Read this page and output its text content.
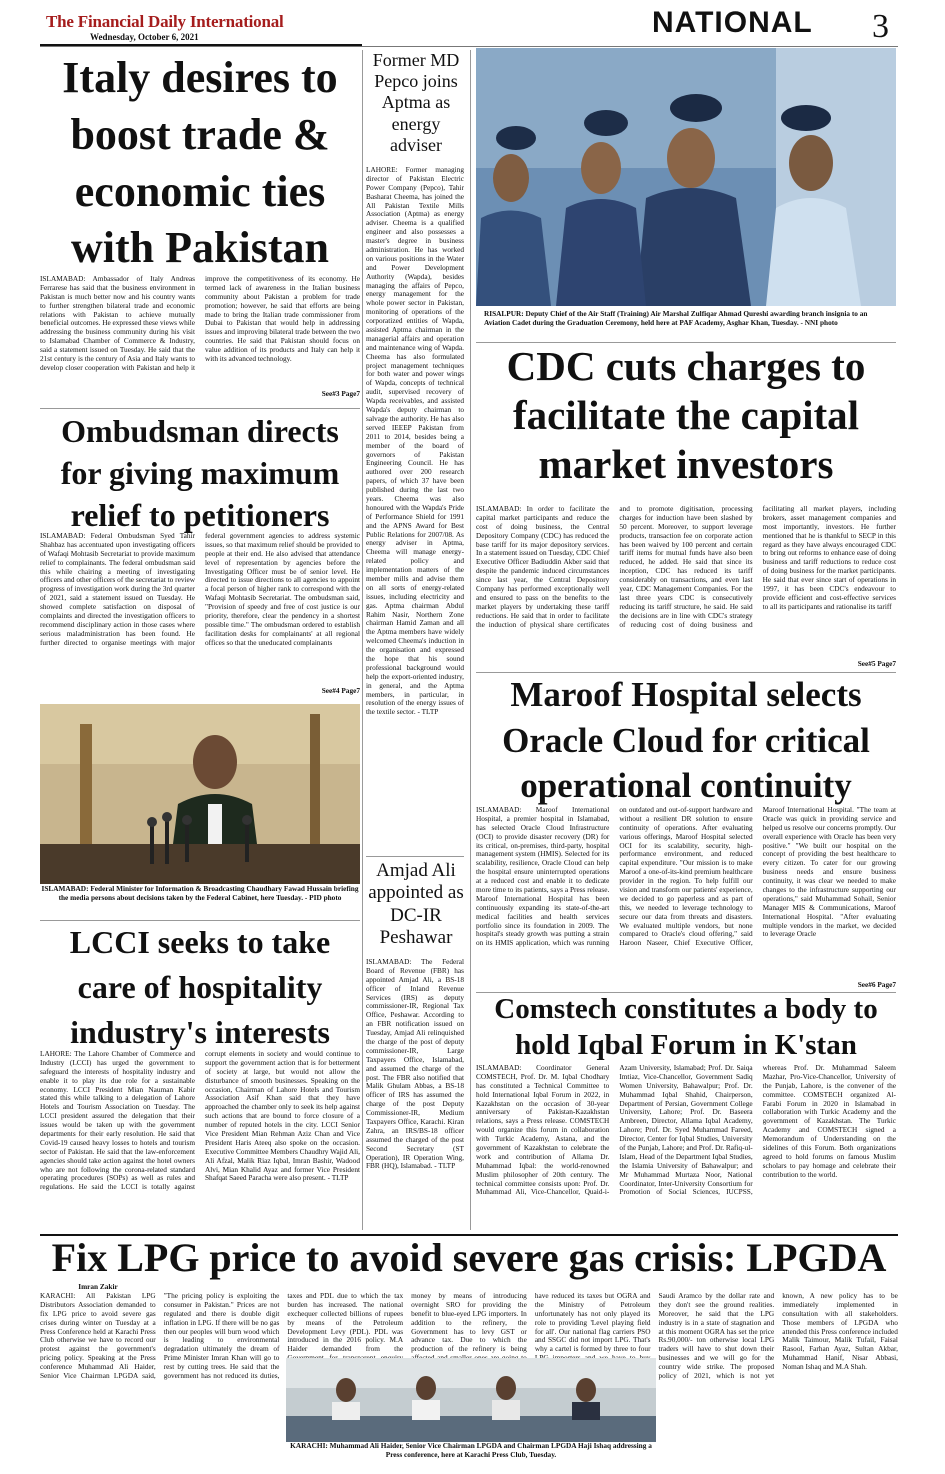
The Financial Daily International
Wednesday, October 6, 2021	NATIONAL 3
Italy desires to boost trade & economic ties with Pakistan
ISLAMABAD: Ambassador of Italy Andreas Ferrarese has said that the business environment in Pakistan is much better now and his country wants to further strengthen bilateral trade and economic relations with Pakistan to achieve mutually beneficial outcomes. He expressed these views while addressing the business community during his visit to Islamabad Chamber of Commerce & Industry, said a statement issued on Tuesday. He said that the 21st century is the century of Asia and Italy wants to develop closer cooperation with Pakistan and help it improve the competitiveness of its economy. He termed lack of awareness in the Italian business community about Pakistan a problem for trade promotion; however, he said that efforts are being made to bring the Italian trade commissioner from Dubai to Pakistan that would help in addressing issues and improving bilateral trade between the two countries. He said that Pakistan should focus on value addition of its products and Italy can help it with its advanced technology.
See#3 Page7
Ombudsman directs for giving maximum relief to petitioners
ISLAMABAD: Federal Ombudsman Syed Tahir Shahbaz has accentuated upon investigating officers of Wafaqi Mohtasib Secretariat to provide maximum relief to complainants. The federal ombudsman said this while chairing a meeting of investigating officers and other officers of the secretariat to review progress of investigation work during the 3rd quarter of 2021, said a statement issued on Tuesday. He showed complete satisfaction on disposal of complaints and directed the investigation officers to recommend disciplinary action in those cases where serious maladministration has been found. He further directed to organise meetings with major federal government agencies to address systemic issues, so that maximum relief should be provided to people at their end. He also advised that attendance level of representation by agencies before the Investigating Officer must be of senior level. He directed to issue directions to all agencies to appoint a focal person of higher rank to correspond with the Wafaqi Mohtasib Secretariat. The ombudsman said, "Provision of speedy and free of cost justice is our priority, therefore, clear the pendency in a shortest possible time." The ombudsman ordered to establish facilitation desks for complainants' at all regional offices so that the uneducated complainants
See#4 Page7
ISLAMABAD: Federal Minister for Information & Broadcasting Chaudhary Fawad Hussain briefing the media persons about decisions taken by the Federal Cabinet, here Tuesday. - PID photo
LCCI seeks to take care of hospitality industry's interests
LAHORE: The Lahore Chamber of Commerce and Industry (LCCI) has urged the government to safeguard the interests of hospitality industry and enable it to play its due role for a sustainable economy. LCCI President Mian Nauman Kabir stated this while talking to a delegation of Lahore Hotels and Tourism Association on Tuesday. The LCCI president assured the delegation that their issues would be taken up with the government departments for their early resolution. He said that Covid-19 caused heavy losses to hotels and tourism sector of Pakistan. He said that the law-enforcement agencies should take action against the hotel owners who are not following the corona-related standard operating procedures (SOPs) as well as rules and regulations. He said the LCCI is totally against corrupt elements in society and would continue to support the government action that is for betterment of society at large, but would not allow the disturbance of smooth businesses. Speaking on the occasion, Chairman of Lahore Hotels and Tourism Association Asif Khan said that they have approached the chamber only to seek its help against such actions that are bound to force closure of a number of reputed hotels in the city. LCCI Senior Vice President Mian Rehman Aziz Chan and Vice President Haris Ateeq also spoke on the occasion. Executive Committee Members Chaudhry Wajid Ali, Ali Afzal, Malik Riaz Iqbal, Imran Bashir, Wadood Alvi, Mian Khalid Ayaz and former Vice President Shafqat Saeed Paracha were also present. - TLTP
Former MD Pepco joins Aptma as energy adviser
LAHORE: Former managing director of Pakistan Electric Power Company (Pepco), Tahir Basharat Cheema, has joined the All Pakistan Textile Mills Association (Aptma) as energy adviser. Cheema is a qualified engineer and also possesses a master's degree in business administration. He has worked on various positions in the Water and Power Development Authority (Wapda), besides managing the affairs of Pepco, energy management for the whole power sector in Pakistan, monitoring of operations of the corporatized entities of Wapda, assisted Aptma chairman in the managerial affairs and operation and maintenance wing of Wapda. Cheema has also formulated project management techniques for both water and power wings of Wapda, concepts of technical audit, supervised recovery of Wapda receivables, and assisted Wapda's deputy chairman to salvage the authority. He has also served IEEEP Pakistan from 2011 to 2014, besides being a member of the board of governors of Pakistan Engineering Council. He has authored over 200 research papers, of which 37 have been published during the last two years. Cheema was also honoured with the Wapda's Pride of Performance Shield for 1991 and the APNS Award for Best Public Relations for 2007/08. As energy adviser in Aptma, Cheema will manage energy-related policy and implementation matters of the member mills and advise them on all sorts of energy-related issues, including electricity and gas. Aptma chairman Abdul Rahim Nasir, Northern Zone chairman Hamid Zaman and all the Aptma members have widely welcomed Cheema's induction in the organisation and expressed the hope that his sound professional background would help the export-oriented industry, in general, and the Aptma members, in particular, in resolution of the energy issues of the textile sector. - TLTP
Amjad Ali appointed as DC-IR Peshawar
ISLAMABAD: The Federal Board of Revenue (FBR) has appointed Amjad Ali, a BS-18 officer of Inland Revenue Services (IRS) as deputy commissioner-IR, Regional Tax Office, Peshawar. According to an FBR notification issued on Tuesday, Amjad Ali relinquished the charge of the post of deputy commissioner-IR, Large Taxpayers Office, Islamabad, and assumed the charge of the post. The FBR also notified that Malik Ghulam Abbas, a BS-18 officer of IRS has assumed the charge of the post Deputy Commissioner-IR, Medium Taxpayers Office, Karachi. Kiran Zahra, an IRS/BS-18 officer assumed the charged of the post Second Secretary (ST Operation), IR Operation Wing, FBR (HQ), Islamabad. - TLTP
RISALPUR: Deputy Chief of the Air Staff (Training) Air Marshal Zulfiqar Ahmad Qureshi awarding branch insignia to an Aviation Cadet during the Graduation Ceremony, held here at PAF Academy, Asghar Khan, Tuesday. - NNI photo
CDC cuts charges to facilitate the capital market investors
ISLAMABAD: In order to facilitate the capital market participants and reduce the cost of doing business, the Central Depository Company (CDC) has reduced the base tariff for its major depository services. In a statement issued on Tuesday, CDC Chief Executive Officer Badiuddin Akber said that despite the pandemic induced circumstances since last year, the Central Depository Company has performed exceptionally well and ensured to pass on the benefits to the market players by undertaking these tariff reductions. He said that in order to facilitate the induction of physical share certificates and to promote digitisation, processing charges for induction have been slashed by 50 percent. Moreover, to support leverage products, transaction fee on corporate action has been waived by 100 percent and certain tariff items for mutual funds have also been reduced, he added. He said that since its inception, CDC has reduced its tariff considerably on transactions, and even last year, CDC Management Companies. For the last three years CDC is consecutively reducing its tariff structure, he said. He said the decisions are in line with CDC's strategy of reducing cost of doing business and facilitating all market players, including brokers, asset management companies and most importantly, investors. He further mentioned that he is thankful to SECP in this regard as they have always encouraged CDC to bring out reforms to enhance ease of doing business and tariff reductions to reduce cost of doing business for the market participants. He said that ever since start of operations in 1997, it has been CDC's endeavour to provide efficient and cost-effective services to all its participants and rationalise its tariff
See#5 Page7
Maroof Hospital selects Oracle Cloud for critical operational continuity
ISLAMABAD: Maroof International Hospital, a premier hospital in Islamabad, has selected Oracle Cloud Infrastructure (OCI) to provide disaster recovery (DR) for its critical, on-premises, third-party, hospital management system (HMIS). Selected for its scalability, resilience, Oracle Cloud can help the hospital ensure uninterrupted operations at a reduced cost and enable it to dedicate more time to its patients, says a Press release. Maroof International Hospital has been continuously expanding its state-of-the-art medical facilities and health services portfolio since its foundation in 2009. The hospital's steady growth was putting a strain on its HMIS application, which was running on outdated and out-of-support hardware and without a resilient DR solution to ensure continuity of operations. After evaluating various offerings, Maroof Hospital selected OCI for its scalability, security, high-performance environment, and reduced capital expenditure. "Our mission is to make Maroof a one-of-its-kind premium healthcare provider in the region. To help fulfill our vision and transform our patients' experience, we decided to go paperless and as part of this, we needed to leverage technology to secure our data from threats and disasters. We evaluated multiple vendors, but none compared to Oracle's cloud offering," said Haroon Naseer, Chief Executive Officer, Maroof International Hospital. "The team at Oracle was quick in providing service and helped us resolve our concerns promptly. Our overall experience with Oracle has been very positive." "We built our hospital on the concept of providing the best healthcare to every citizen. To cater for our growing business needs and ensure business continuity, it was clear we needed to make changes to the infrastructure supporting our operations," said Muhammad Sohail, Senior Manager MIS & Communications, Maroof International Hospital. "After evaluating multiple vendors in the market, we decided to leverage Oracle
See#6 Page7
Comstech constitutes a body to hold Iqbal Forum in K'stan
ISLAMABAD: Coordinator General COMSTECH, Prof. Dr. M. Iqbal Chodhary has constituted a Technical Committee to hold International Iqbal Forum in 2022, in Kazakhstan on the occasion of 30-year anniversary of Pakistan-Kazakhstan relations, says a Press release. COMSTECH would organize this forum in collaboration with Turkic Academy, Astana, and the government of Kazakhstan to celebrate the work and contribution of Allama Dr. Muhammad Iqbal: the world-renowned Muslim philosopher of 20th century. The technical committee consists upon: Prof. Dr. Muhammad Ali, Vice-Chancellor, Quaid-i-Azam University, Islamabad; Prof. Dr. Saiqa Imtiaz, Vice-Chancellor, Government Sadiq Women University, Bahawalpur; Prof. Dr. Muhammad Iqbal Shahid, Chairperson, Department of Persian, Government College University, Lahore; Prof. Dr. Baseera Ambreen, Director, Allama Iqbal Academy, Lahore; Prof. Dr. Syed Muhammad Fareed, Director, Center for Iqbal Studies, University of the Punjab, Lahore; and Prof. Dr. Rafiq-ul-Islam, Head of the Department Iqbal Studies, the Islamia University of Bahawalpur; and Mr Muhammad Murtaza Noor, National Coordinator, Inter-University Consortium for Promotion of Social Sciences, IUCPSS, whereas Prof. Dr. Muhammad Saleem Mazhar, Pro-Vice-Chancellor, University of the Punjab, Lahore, is the convener of the committee. COMSTECH organized Al-Farabi Forum in 2020 in Islamabad in collaboration with Turkic Academy and the government of Kazakhstan. The Turkic Academy and COMSTECH signed a Memorandum of Understanding on the sidelines of this Forum. Both organizations agreed to hold forums on famous Muslim scholars to pay homage and celebrate their contribution to the world.
Fix LPG price to avoid severe gas crisis: LPGDA
Imran Zakir
KARACHI: All Pakistan LPG Distributors Association demanded to fix LPG price to avoid severe gas crises during winter on Tuesday at a Press Conference held at Karachi Press Club otherwise we have to record our protest against the government's pricing policy. Speaking at the Press conference Muhammad Ali Haider, Senior Vice Chairman LPGDA said, "The pricing policy is exploiting the consumer in Pakistan." Prices are not regulated and there is double digit inflation in LPG. If there will be no gas then our peoples will burn wood which is leading to environmental degradation ultimately the dream of Prime Minister Imran Khan will go to rest by cutting trees. He said that the government has not reduced its duties, taxes and PDL due to which the tax burden has increased. The national exchequer collected billions of rupees by means of the Petroleum Development Levy (PDL). PDL was introduced in the 2016 policy. M.A Haider demanded from the money by means of introducing overnight SRO for providing the benefit to blue-eyed LPG importers. In addition to the refinery, the Government has to levy GST or advance tax. Due to which the production of the refinery is being have reduced its taxes but OGRA and the Ministry of Petroleum unfortunately has not only played its role to providing 'Level playing field for all'. Our national flag carriers PSO and SSGC did not import LPG. That's why a cartel is formed by three to four Saudi Aramco by the dollar rate and they don't see the ground realities. Moreover, he said that the LPG industry is in a state of stagnation and at this moment OGRA has set the price Rs.90,000/- ton otherwise local LPG traders will have to shut down their businesses and we will go for the country wide strike. The proposed policy of 2021, which is not yet known, A new policy has to be immediately implemented in consultation with all stakeholders. Those members of LPGDA who attended this Press conference included Malik Taimour, Malik Tufail, Faisal Rasool, Farhan Ayaz, Sultan Akbar, Muhammad Hanif, Nisar Abbasi, Noman Ishaq and M.A Shah.
KARACHI: Muhammad Ali Haider, Senior Vice Chairman LPGDA and Chairman LPGDA Haji Ishaq addressing a Press conference, here at Karachi Press Club, Tuesday.
